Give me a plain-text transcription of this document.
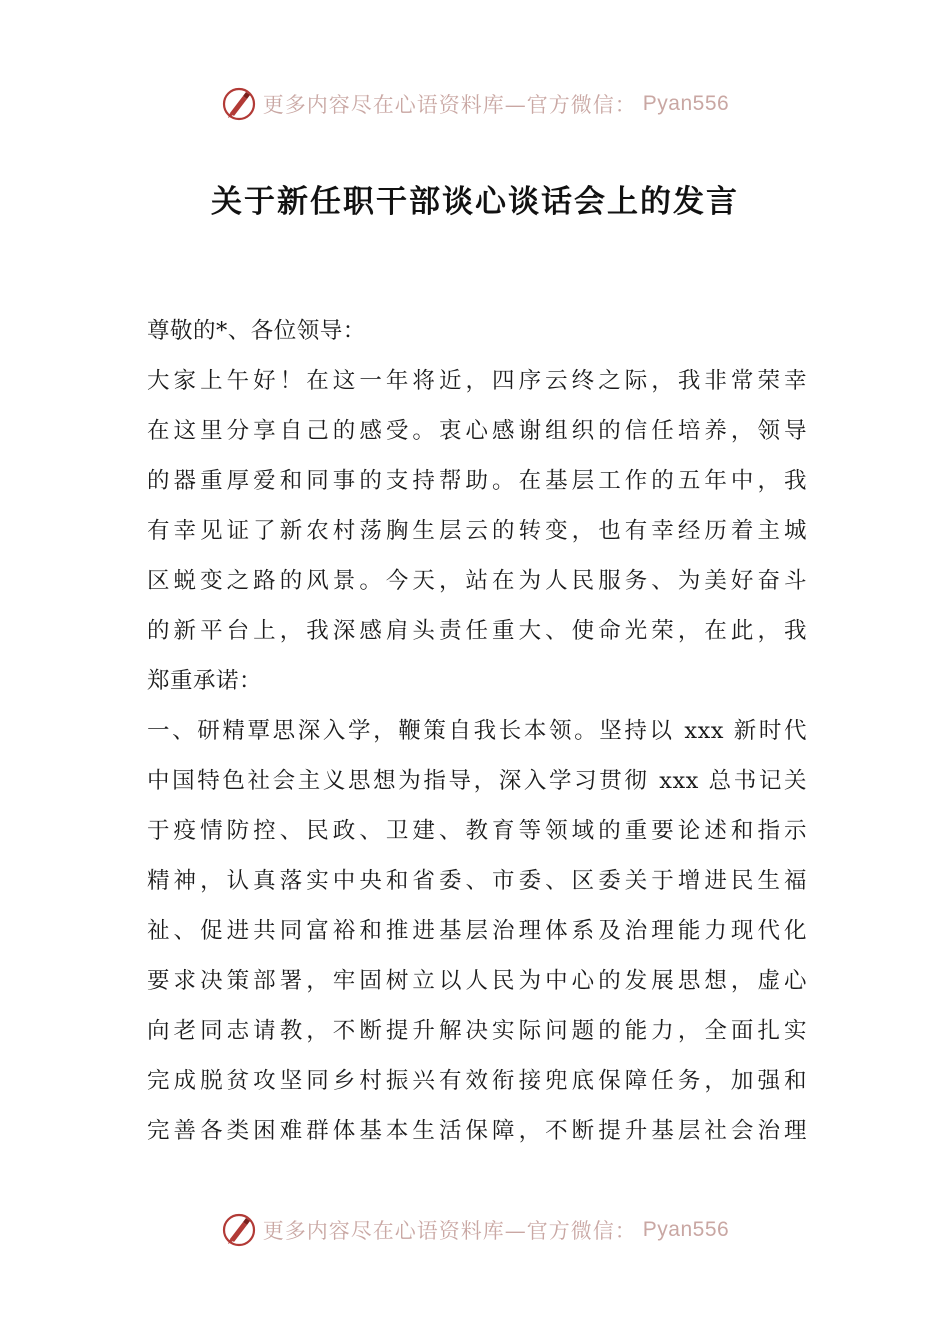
更多内容尽在心语资料库—官方微信： Pyan556
关于新任职干部谈心谈话会上的发言
尊敬的*、各位领导：
大家上午好！在这一年将近，四序云终之际，我非常荣幸
在这里分享自己的感受。衷心感谢组织的信任培养，领导
的器重厚爱和同事的支持帮助。在基层工作的五年中，我
有幸见证了新农村荡胸生层云的转变，也有幸经历着主城
区蜕变之路的风景。今天，站在为人民服务、为美好奋斗
的新平台上，我深感肩头责任重大、使命光荣，在此，我
郑重承诺：
一、研精覃思深入学，鞭策自我长本领。坚持以 xxx 新时代
中国特色社会主义思想为指导，深入学习贯彻 xxx 总书记关
于疫情防控、民政、卫建、教育等领域的重要论述和指示
精神，认真落实中央和省委、市委、区委关于增进民生福
祉、促进共同富裕和推进基层治理体系及治理能力现代化
要求决策部署，牢固树立以人民为中心的发展思想，虚心
向老同志请教，不断提升解决实际问题的能力，全面扎实
完成脱贫攻坚同乡村振兴有效衔接兜底保障任务，加强和
完善各类困难群体基本生活保障，不断提升基层社会治理
更多内容尽在心语资料库—官方微信： Pyan556
